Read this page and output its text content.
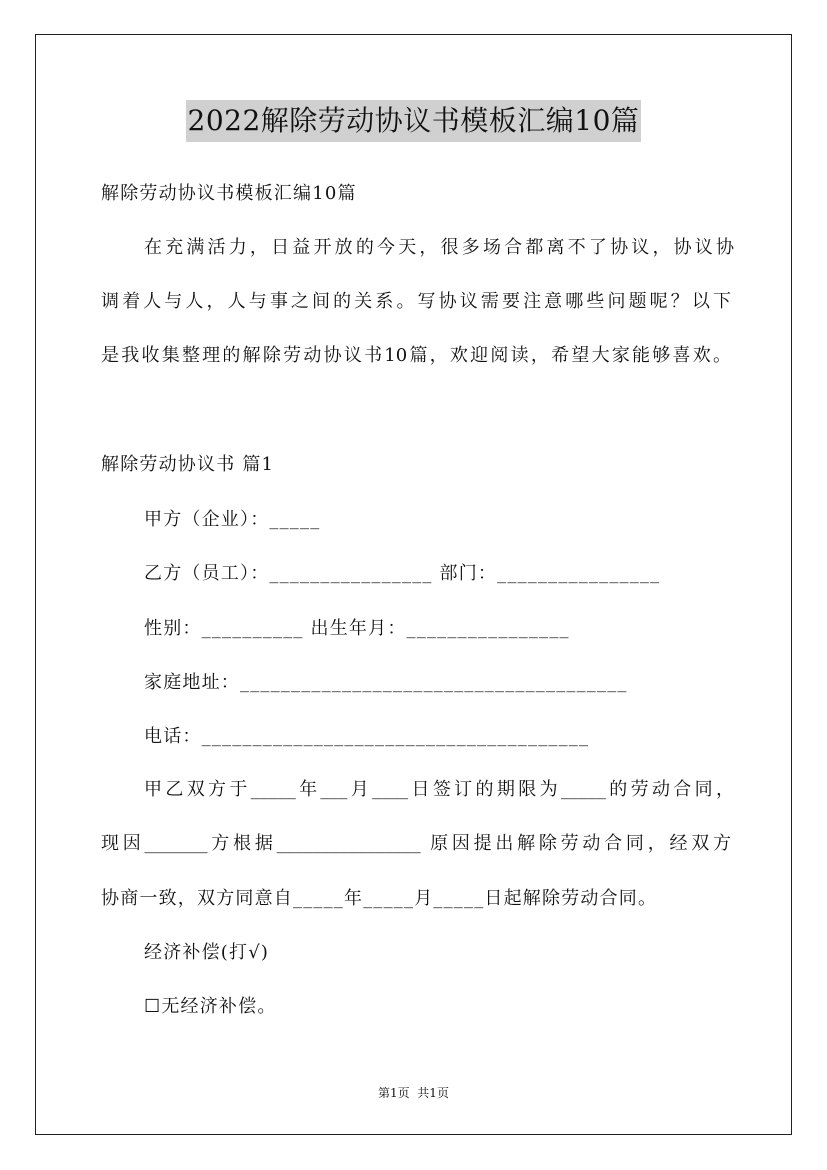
2022解除劳动协议书模板汇编10篇
解除劳动协议书模板汇编10篇
在充满活力，日益开放的今天，很多场合都离不了协议，协议协
调着人与人，人与事之间的关系。写协议需要注意哪些问题呢？以下
是我收集整理的解除劳动协议书10篇，欢迎阅读，希望大家能够喜欢。
解除劳动协议书 篇1
甲方（企业）：_____
乙方（员工）：________________ 部门：________________
性别：__________ 出生年月：________________
家庭地址：______________________________________
电话：______________________________________
甲乙双方于_____年___月____日签订的期限为_____的劳动合同，
现因_______方根据________________ 原因提出解除劳动合同，经双方
协商一致，双方同意自_____年_____月_____日起解除劳动合同。
经济补偿(打√)
☐无经济补偿。
第1页  共1页
